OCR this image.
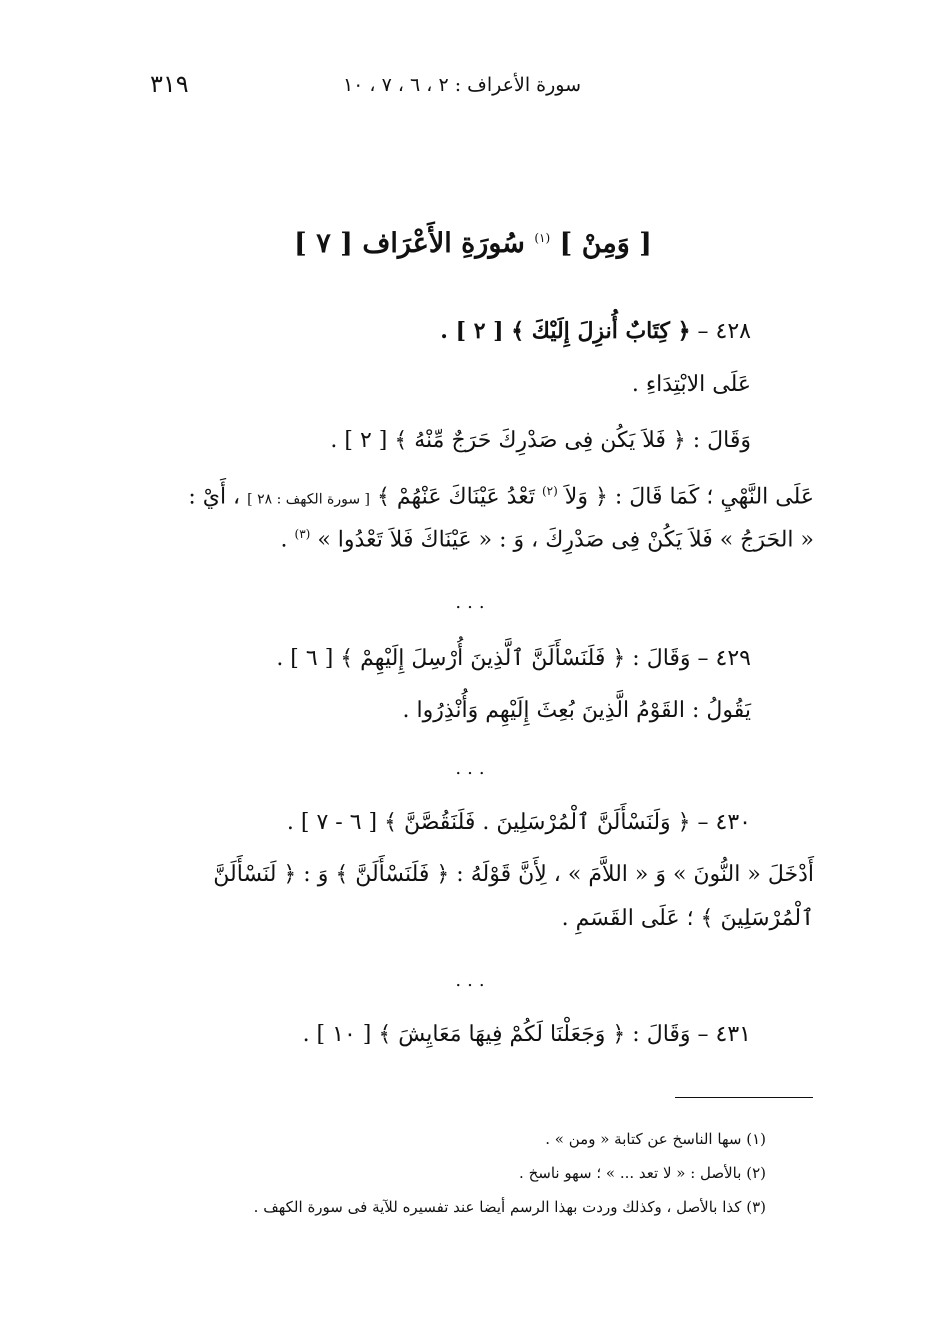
سورة الأعراف : ٢ ، ٦ ، ٧ ، ١٠
٣١٩
[ وَمِنْ ] $^{(١)}$ سُورَةِ الأَعْرَاف [ ٧ ]
٤٢٨ – ﴿ كِتَابٌ أُنزِلَ إِلَيْكَ ﴾ [ ٢ ] .
عَلَى الابْتِدَاءِ .
وَقَالَ : ﴿ فَلاَ يَكُن فِى صَدْرِكَ حَرَجٌ مِّنْهُ ﴾ [ ٢ ] .
عَلَى النَّهْيِ ؛ كَمَا قَالَ : ﴿ وَلاَ $^{(٢)}$ تَعْدُ عَيْنَاكَ عَنْهُمْ ﴾ [ سورة الكهف : ٢٨ ] ، أَيْ :
« الحَرَجُ » فَلاَ يَكُنْ فِى صَدْرِكَ ، وَ : « عَيْنَاكَ فَلاَ تَعْدُوا » $^{(٣)}$ .
...
٤٢٩ – وَقَالَ : ﴿ فَلَنَسْأَلَنَّ ٱلَّذِينَ أُرْسِلَ إِلَيْهِمْ ﴾ [ ٦ ] .
يَقُولُ : القَوْمُ الَّذِينَ بُعِثَ إِلَيْهِم وَأُنْذِرُوا .
...
٤٣٠ – ﴿ وَلَنَسْأَلَنَّ ٱلْمُرْسَلِينَ . فَلَنَقُصَّنَّ ﴾ [ ٦ - ٧ ] .
أَدْخَلَ « النُّونَ » وَ « اللاَّمَ » ، لِأَنَّ قَوْلَهُ : ﴿ فَلَنَسْأَلَنَّ ﴾ وَ : ﴿ لَنَسْأَلَنَّ
ٱلْمُرْسَلِينَ ﴾ ؛ عَلَى القَسَمِ .
...
٤٣١ – وَقَالَ : ﴿ وَجَعَلْنَا لَكُمْ فِيهَا مَعَايِشَ ﴾ [ ١٠ ] .
(١) سها الناسخ عن كتابة « ومن » .
(٢) بالأصل : « لا تعد ... » ؛ سهو ناسخ .
(٣) كذا بالأصل ، وكذلك وردت بهذا الرسم أيضا عند تفسيره للآية فى سورة الكهف .
